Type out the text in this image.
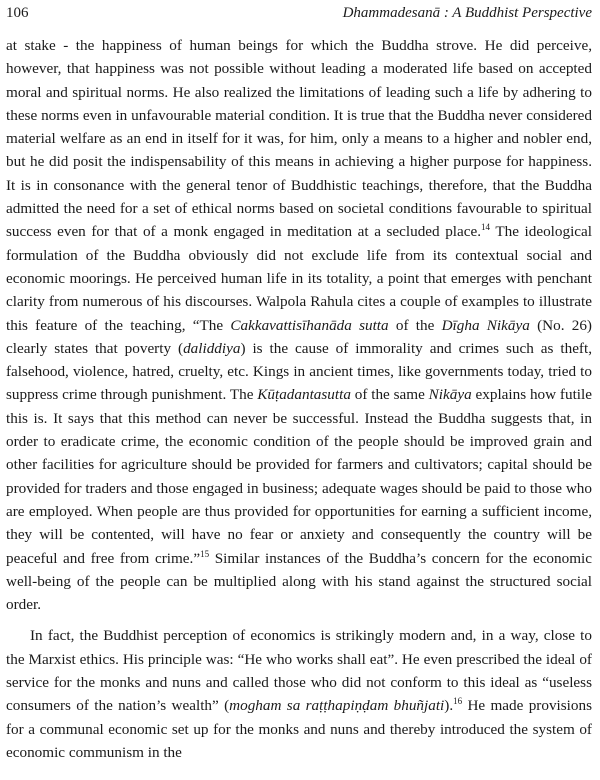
106	Dhammadesanā : A Buddhist Perspective

at stake - the happiness of human beings for which the Buddha strove. He did perceive, however, that happiness was not possible without leading a moderated life based on accepted moral and spiritual norms. He also realized the limitations of leading such a life by adhering to these norms even in unfavourable material condition. It is true that the Buddha never considered material welfare as an end in itself for it was, for him, only a means to a higher and nobler end, but he did posit the indispensability of this means in achieving a higher purpose for happiness. It is in consonance with the general tenor of Buddhistic teachings, therefore, that the Buddha admitted the need for a set of ethical norms based on societal conditions favourable to spiritual success even for that of a monk engaged in meditation at a secluded place.$^{14}$ The ideological formulation of the Buddha obviously did not exclude life from its contextual social and economic moorings. He perceived human life in its totality, a point that emerges with penchant clarity from numerous of his discourses. Walpola Rahula cites a couple of examples to illustrate this feature of the teaching, “The Cakkavattisīhanāda sutta of the Dīgha Nikāya (No. 26) clearly states that poverty (daliddiya) is the cause of immorality and crimes such as theft, falsehood, violence, hatred, cruelty, etc. Kings in ancient times, like governments today, tried to suppress crime through punishment. The Kūṭadantasutta of the same Nikāya explains how futile this is. It says that this method can never be successful. Instead the Buddha suggests that, in order to eradicate crime, the economic condition of the people should be improved grain and other facilities for agriculture should be provided for farmers and cultivators; capital should be provided for traders and those engaged in business; adequate wages should be paid to those who are employed. When people are thus provided for opportunities for earning a sufficient income, they will be contented, will have no fear or anxiety and consequently the country will be peaceful and free from crime.”$^{15}$ Similar instances of the Buddha’s concern for the economic well-being of the people can be multiplied along with his stand against the structured social order.

In fact, the Buddhist perception of economics is strikingly modern and, in a way, close to the Marxist ethics. His principle was: “He who works shall eat”. He even prescribed the ideal of service for the monks and nuns and called those who did not conform to this ideal as “useless consumers of the nation’s wealth” (mogham sa raṭṭhapiṇḍam bhuñjati).$^{16}$ He made provisions for a communal economic set up for the monks and nuns and thereby introduced the system of economic communism in the
